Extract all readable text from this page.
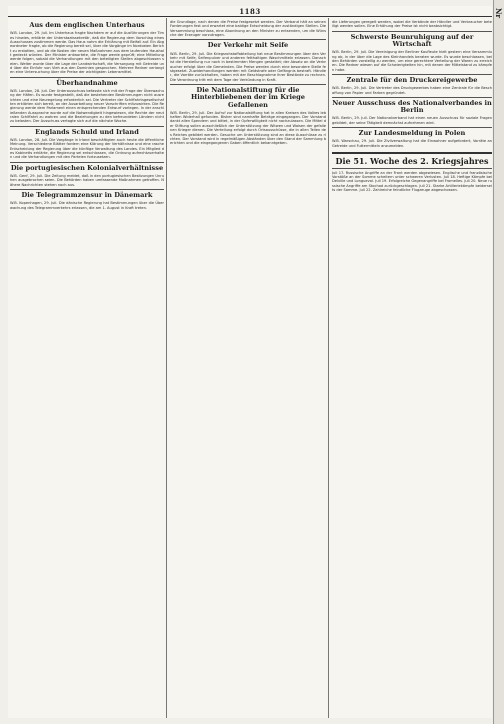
1183
Aus dem englischen Unterhaus

W.B. London, 29. Juli. Im Unterhaus fragte Nachdem er auf die Ausführungen der Times hinwies, erklärte der Unterstaatssekretär, daß die Regierung dem Vorschlag eines Ausschusses zustimmen werde. Das Haus nahm die Erklärung mit Beifall auf. Ein Abgeordneter fragte, ob die Regierung bereit sei, über die Vorgänge im Nordosten Bericht zu erstatten, und ob die Kosten der neuen Maßnahmen aus dem laufenden Haushalt gedeckt würden. Der Minister antwortete, die Frage werde geprüft; eine Mitteilung werde folgen, sobald die Verhandlungen mit den beteiligten Stellen abgeschlossen seien. Weiter wurde über die Lage der Landwirtschaft, die Versorgung mit Getreide und über die Einfuhr von Vieh aus den Dominien gesprochen. Mehrere Redner verlangten eine Untersuchung über die Preise der wichtigsten Lebensmittel.

Überhandnahme

W.B. London, 28. Juli. Der Unterausschuss befasste sich mit der Frage der Überwachung der Häfen. Es wurde festgestellt, daß die bestehenden Bestimmungen nicht ausreichten und eine Neuregelung erforderlich sei. Die Vertreter der Schiffahrtsgesellschaften erklärten sich bereit, an der Ausarbeitung neuer Vorschriften mitzuwirken. Die Regierung werde dem Parlament einen entsprechenden Entwurf vorlegen. In der anschließenden Aussprache wurde auf die Notwendigkeit hingewiesen, die Rechte der neutralen Schiffahrt zu wahren und die Beziehungen zu den befreundeten Ländern nicht zu belasten. Der Ausschuss vertagte sich auf die nächste Woche.

Englands Schuld und Irland

W.B. London, 28. Juli. Die Vorgänge in Irland beschäftigten auch heute die öffentliche Meinung. Verschiedene Blätter fordern eine Klärung der Verhältnisse und eine rasche Entscheidung der Regierung über die künftige Verwaltung des Landes. Ein Mitglied des Kabinetts erklärte, die Regierung sei entschlossen, die Ordnung aufrechtzuerhalten und die Verhandlungen mit den Parteien fortzusetzen.

Die portugiesischen Kolonialverhältnisse

W.B. Genf, 29. Juli. Die Zeitung meldet, daß in den portugiesischen Besitzungen Unruhen ausgebrochen seien. Die Behörden haben umfassende Maßnahmen getroffen. Nähere Nachrichten stehen noch aus.

Die Telegrammzensur in Dänemark

W.B. Kopenhagen, 29. Juli. Die dänische Regierung hat Bestimmungen über die Überwachung des Telegrammverkehrs erlassen, die am 1. August in Kraft treten.

die Grundlage, nach denen die Preise festgesetzt werden. Der Verband hält an seinen Forderungen fest und erwartet eine baldige Entscheidung der zuständigen Stellen. Die Versammlung beschloss, eine Abordnung an den Minister zu entsenden, um die Wünsche der Erzeuger vorzutragen.

Der Verkehr mit Seife

W.B. Berlin, 29. Juli. Die Kriegsrohstoffabteilung hat neue Bestimmungen über den Verkehr mit Seife, Seifenpulver und anderen fetthaltigen Waschmitteln erlassen. Danach ist die Herstellung nur noch in bestimmten Mengen gestattet; der Absatz an die Verbraucher erfolgt über die Gemeinden. Die Preise werden durch eine besondere Stelle festgesetzt. Zuwiderhandlungen werden mit Geldstrafe oder Gefängnis bestraft. Händler, die Vorräte zurückhalten, haben mit der Beschlagnahme ihrer Bestände zu rechnen. Die Verordnung tritt mit dem Tage der Verkündung in Kraft.

Die Nationalstiftung für die Hinterbliebenen der im Kriege Gefallenen

W.B. Berlin, 29. Juli. Der Aufruf zur Nationalstiftung hat in allen Kreisen des Volkes lebhaften Widerhall gefunden. Bisher sind namhafte Beträge eingegangen. Der Vorstand dankt allen Spendern und bittet, in der Opferwilligkeit nicht nachzulassen. Die Mittel der Stiftung sollen ausschließlich der Unterstützung der Witwen und Waisen der gefallenen Krieger dienen. Die Verteilung erfolgt durch Ortsausschüsse, die in allen Teilen des Reiches gebildet werden. Gesuche um Unterstützung sind an diese Ausschüsse zu richten. Der Vorstand wird in regelmäßigen Abständen über den Stand der Sammlung berichten und die eingegangenen Gaben öffentlich bekanntgeben.

die Lieferungen geregelt werden, wobei die Verbände der Händler und Verbraucher beteiligt werden sollen. Eine Erhöhung der Preise ist nicht beabsichtigt.

Schwerste Beunruhigung auf der Wirtschaft

W.B. Berlin, 29. Juli. Die Vereinigung der Berliner Kaufleute hielt gestern eine Versammlung ab, in der über die Lage des Kleinhandels beraten wurde. Es wurde beschlossen, bei den Behörden vorstellig zu werden, um eine gerechtere Verteilung der Waren zu erreichen. Die Redner wiesen auf die Schwierigkeiten hin, mit denen der Mittelstand zu kämpfen habe.

Zentrale für den Druckereigewerbe

W.B. Berlin, 29. Juli. Die Vertreter des Druckgewerbes haben eine Zentrale für die Beschaffung von Papier und Farben gegründet.

Neuer Ausschuss des Nationalverbandes in Berlin

W.B. Berlin, 29. Juli. Der Nationalverband hat einen neuen Ausschuss für soziale Fragen gebildet, der seine Tätigkeit demnächst aufnehmen wird.

Zur Landesmeldung in Polen

W.B. Warschau, 29. Juli. Die Zivilverwaltung hat die Einwohner aufgefordert, Vorräte an Getreide und Futtermitteln anzumelden.

Die 51. Woche des 2. Kriegsjahres

Juli 17. Russische Angriffe an der Front werden abgewiesen. Englische und französische Vorstöße an der Somme scheitern unter schweren Verlusten. Juli 18. Heftige Kämpfe bei Delville und Longueval. Juli 19. Erfolgreiche Gegenangriffe bei Fromelles. Juli 20. Neue russische Angriffe am Stochod zurückgeschlagen. Juli 21. Starke Artilleriekämpfe beiderseits der Somme. Juli 22. Zahlreiche feindliche Flugzeuge abgeschossen.

Nr
